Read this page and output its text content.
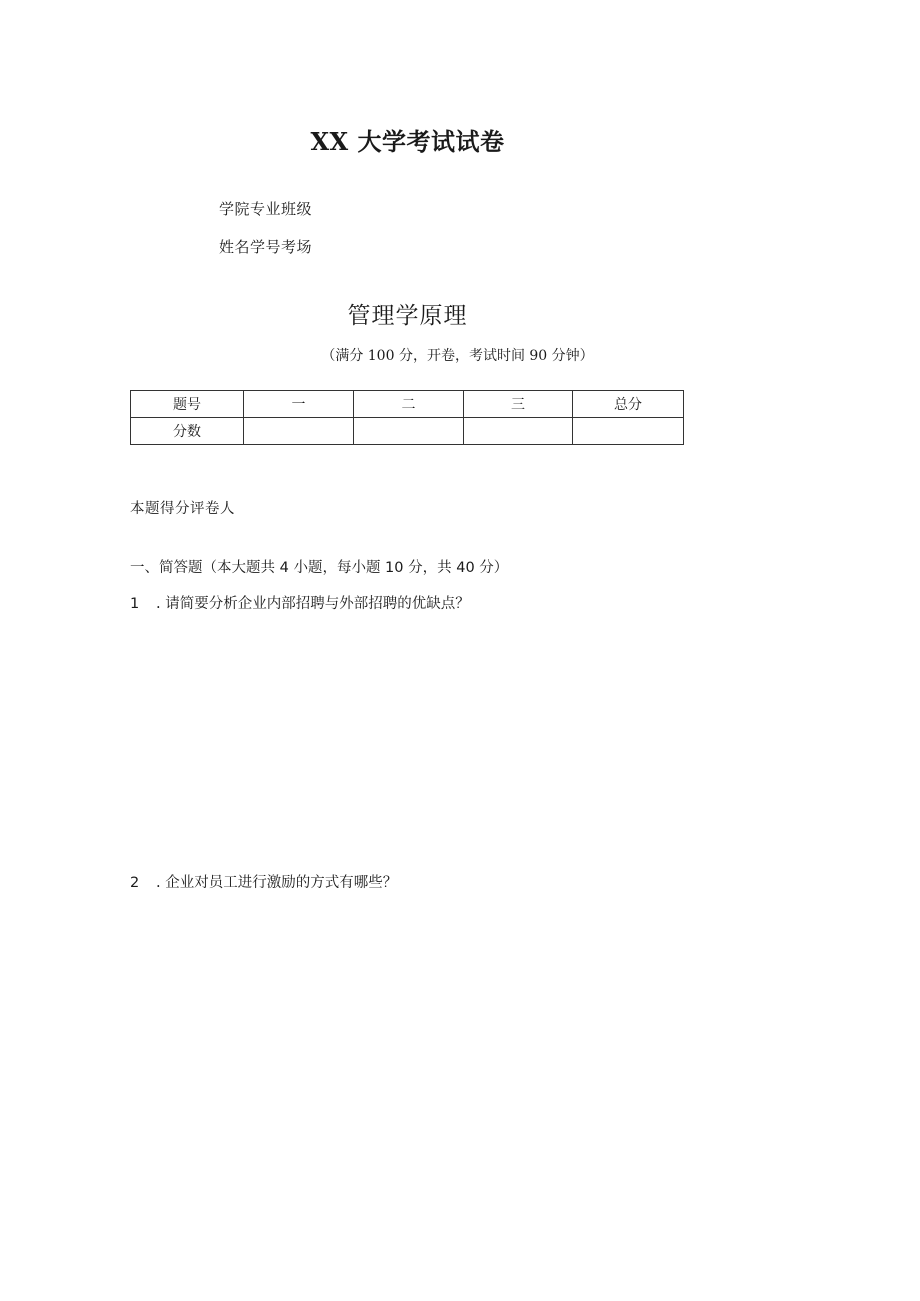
XX 大学考试试卷
学院专业班级
姓名学号考场
管理学原理
（满分 100 分，开卷，考试时间 90 分钟）
题号	一	二	三	总分
分数				
本题得分评卷人
一、简答题（本大题共 4 小题，每小题 10 分，共 40 分）
1 . 请简要分析企业内部招聘与外部招聘的优缺点？
2 . 企业对员工进行激励的方式有哪些？
